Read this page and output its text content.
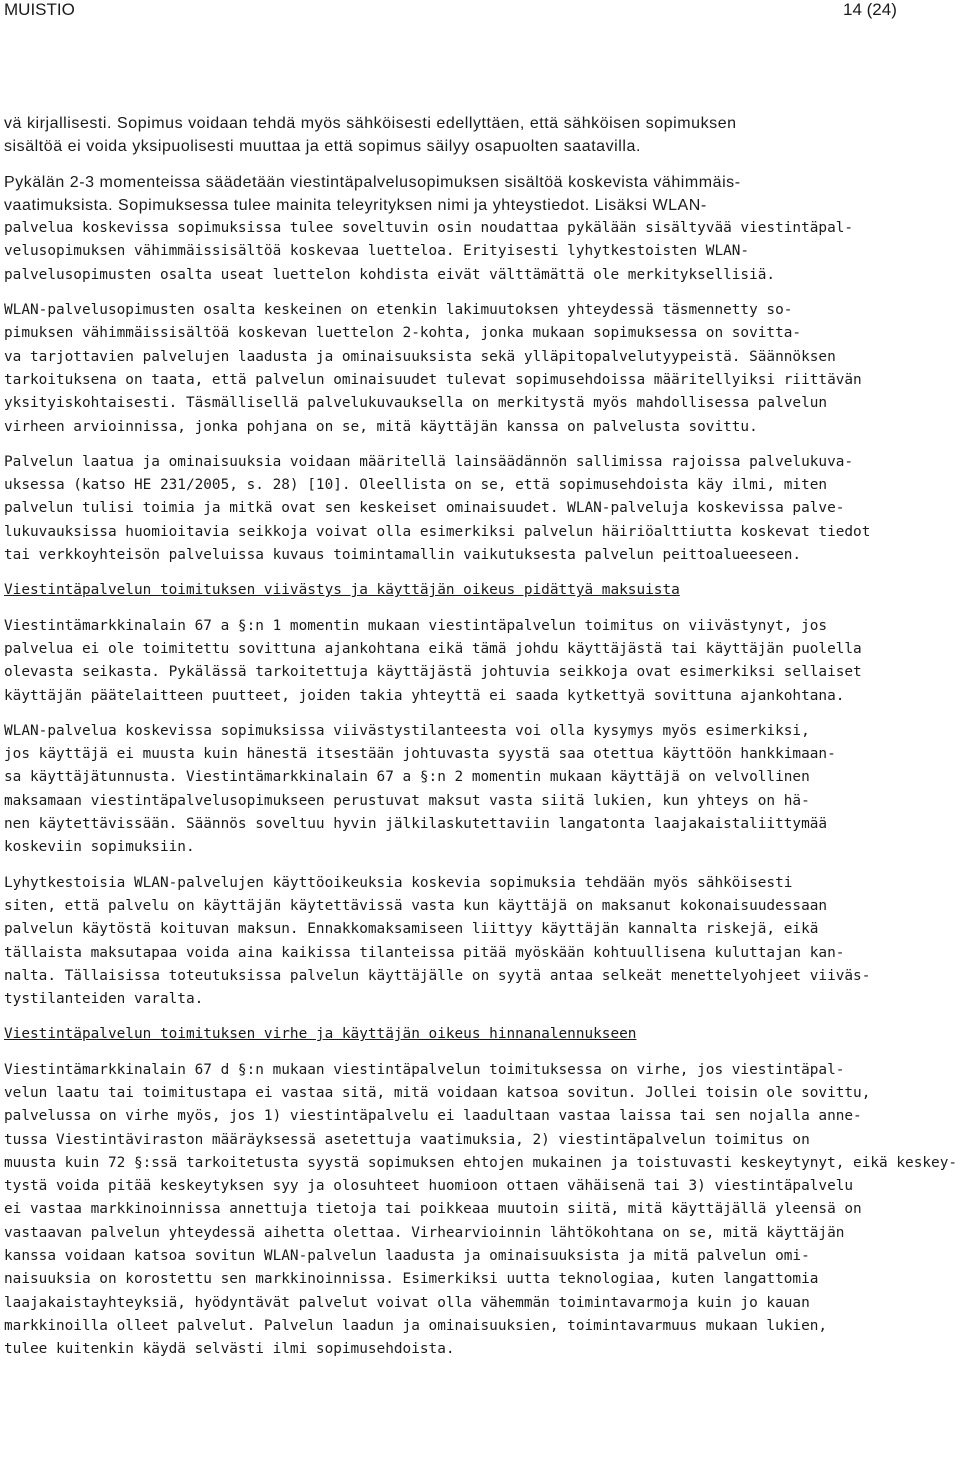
MUISTIO	14 (24)
vä kirjallisesti. Sopimus voidaan tehdä myös sähköisesti edellyttäen, että sähköisen sopimuksen
sisältöä ei voida yksipuolisesti muuttaa ja että sopimus säilyy osapuolten saatavilla.
Pykälän 2-3 momenteissa säädetään viestintäpalvelusopimuksen sisältöä koskevista vähimmäis-
vaatimuksista. Sopimuksessa tulee mainita teleyrityksen nimi ja yhteystiedot. Lisäksi WLAN-
palvelua koskevissa sopimuksissa tulee soveltuvin osin noudattaa pykälään sisältyvää viestintäpal-
velusopimuksen vähimmäissisältöä koskevaa luetteloa. Erityisesti lyhytkestoisten WLAN-
palvelusopimusten osalta useat luettelon kohdista eivät välttämättä ole merkityksellisiä.
WLAN-palvelusopimusten osalta keskeinen on etenkin lakimuutoksen yhteydessä täsmennetty so-
pimuksen vähimmäissisältöä koskevan luettelon 2-kohta, jonka mukaan sopimuksessa on sovitta-
va tarjottavien palvelujen laadusta ja ominaisuuksista sekä ylläpitopalvelutyypeistä. Säännöksen
tarkoituksena on taata, että palvelun ominaisuudet tulevat sopimusehdoissa määritellyiksi riittävän
yksityiskohtaisesti. Täsmällisellä palvelukuvauksella on merkitystä myös mahdollisessa palvelun
virheen arvioinnissa, jonka pohjana on se, mitä käyttäjän kanssa on palvelusta sovittu.
Palvelun laatua ja ominaisuuksia voidaan määritellä lainsäädännön sallimissa rajoissa palvelukuva-
uksessa (katso HE 231/2005, s. 28) [10]. Oleellista on se, että sopimusehdoista käy ilmi, miten
palvelun tulisi toimia ja mitkä ovat sen keskeiset ominaisuudet. WLAN-palveluja koskevissa palve-
lukuvauksissa huomioitavia seikkoja voivat olla esimerkiksi palvelun häiriöalttiutta koskevat tiedot
tai verkkoyhteisön palveluissa kuvaus toimintamallin vaikutuksesta palvelun peittoalueeseen.
Viestintäpalvelun toimituksen viivästys ja käyttäjän oikeus pidättyä maksuista
Viestintämarkkinalain 67 a §:n 1 momentin mukaan viestintäpalvelun toimitus on viivästynyt, jos
palvelua ei ole toimitettu sovittuna ajankohtana eikä tämä johdu käyttäjästä tai käyttäjän puolella
olevasta seikasta. Pykälässä tarkoitettuja käyttäjästä johtuvia seikkoja ovat esimerkiksi sellaiset
käyttäjän päätelaitteen puutteet, joiden takia yhteyttä ei saada kytkettyä sovittuna ajankohtana.
WLAN-palvelua koskevissa sopimuksissa viivästystilanteesta voi olla kysymys myös esimerkiksi,
jos käyttäjä ei muusta kuin hänestä itsestään johtuvasta syystä saa otettua käyttöön hankkimaan-
sa käyttäjätunnusta. Viestintämarkkinalain 67 a §:n 2 momentin mukaan käyttäjä on velvollinen
maksamaan viestintäpalvelusopimukseen perustuvat maksut vasta siitä lukien, kun yhteys on hä-
nen käytettävissään. Säännös soveltuu hyvin jälkilaskutettaviin langatonta laajakaistaliittymää
koskeviin sopimuksiin.
Lyhytkestoisia WLAN-palvelujen käyttöoikeuksia koskevia sopimuksia tehdään myös sähköisesti
siten, että palvelu on käyttäjän käytettävissä vasta kun käyttäjä on maksanut kokonaisuudessaan
palvelun käytöstä koituvan maksun. Ennakkomaksamiseen liittyy käyttäjän kannalta riskejä, eikä
tällaista maksutapaa voida aina kaikissa tilanteissa pitää myöskään kohtuullisena kuluttajan kan-
nalta. Tällaisissa toteutuksissa palvelun käyttäjälle on syytä antaa selkeät menettelyohjeet viiväs-
tystilanteiden varalta.
Viestintäpalvelun toimituksen virhe ja käyttäjän oikeus hinnanalennukseen
Viestintämarkkinalain 67 d §:n mukaan viestintäpalvelun toimituksessa on virhe, jos viestintäpal-
velun laatu tai toimitustapa ei vastaa sitä, mitä voidaan katsoa sovitun. Jollei toisin ole sovittu,
palvelussa on virhe myös, jos 1) viestintäpalvelu ei laadultaan vastaa laissa tai sen nojalla anne-
tussa Viestintäviraston määräyksessä asetettuja vaatimuksia, 2) viestintäpalvelun toimitus on
muusta kuin 72 §:ssä tarkoitetusta syystä sopimuksen ehtojen mukainen ja toistuvasti keskeytynyt, eikä keskey-
tystä voida pitää keskeytyksen syy ja olosuhteet huomioon ottaen vähäisenä tai 3) viestintäpalvelu
ei vastaa markkinoinnissa annettuja tietoja tai poikkeaa muutoin siitä, mitä käyttäjällä yleensä on
vastaavan palvelun yhteydessä aihetta olettaa. Virhearvioinnin lähtökohtana on se, mitä käyttäjän
kanssa voidaan katsoa sovitun WLAN-palvelun laadusta ja ominaisuuksista ja mitä palvelun omi-
naisuuksia on korostettu sen markkinoinnissa. Esimerkiksi uutta teknologiaa, kuten langattomia
laajakaistayhteyksiä, hyödyntävät palvelut voivat olla vähemmän toimintavarmoja kuin jo kauan
markkinoilla olleet palvelut. Palvelun laadun ja ominaisuuksien, toimintavarmuus mukaan lukien,
tulee kuitenkin käydä selvästi ilmi sopimusehdoista.
